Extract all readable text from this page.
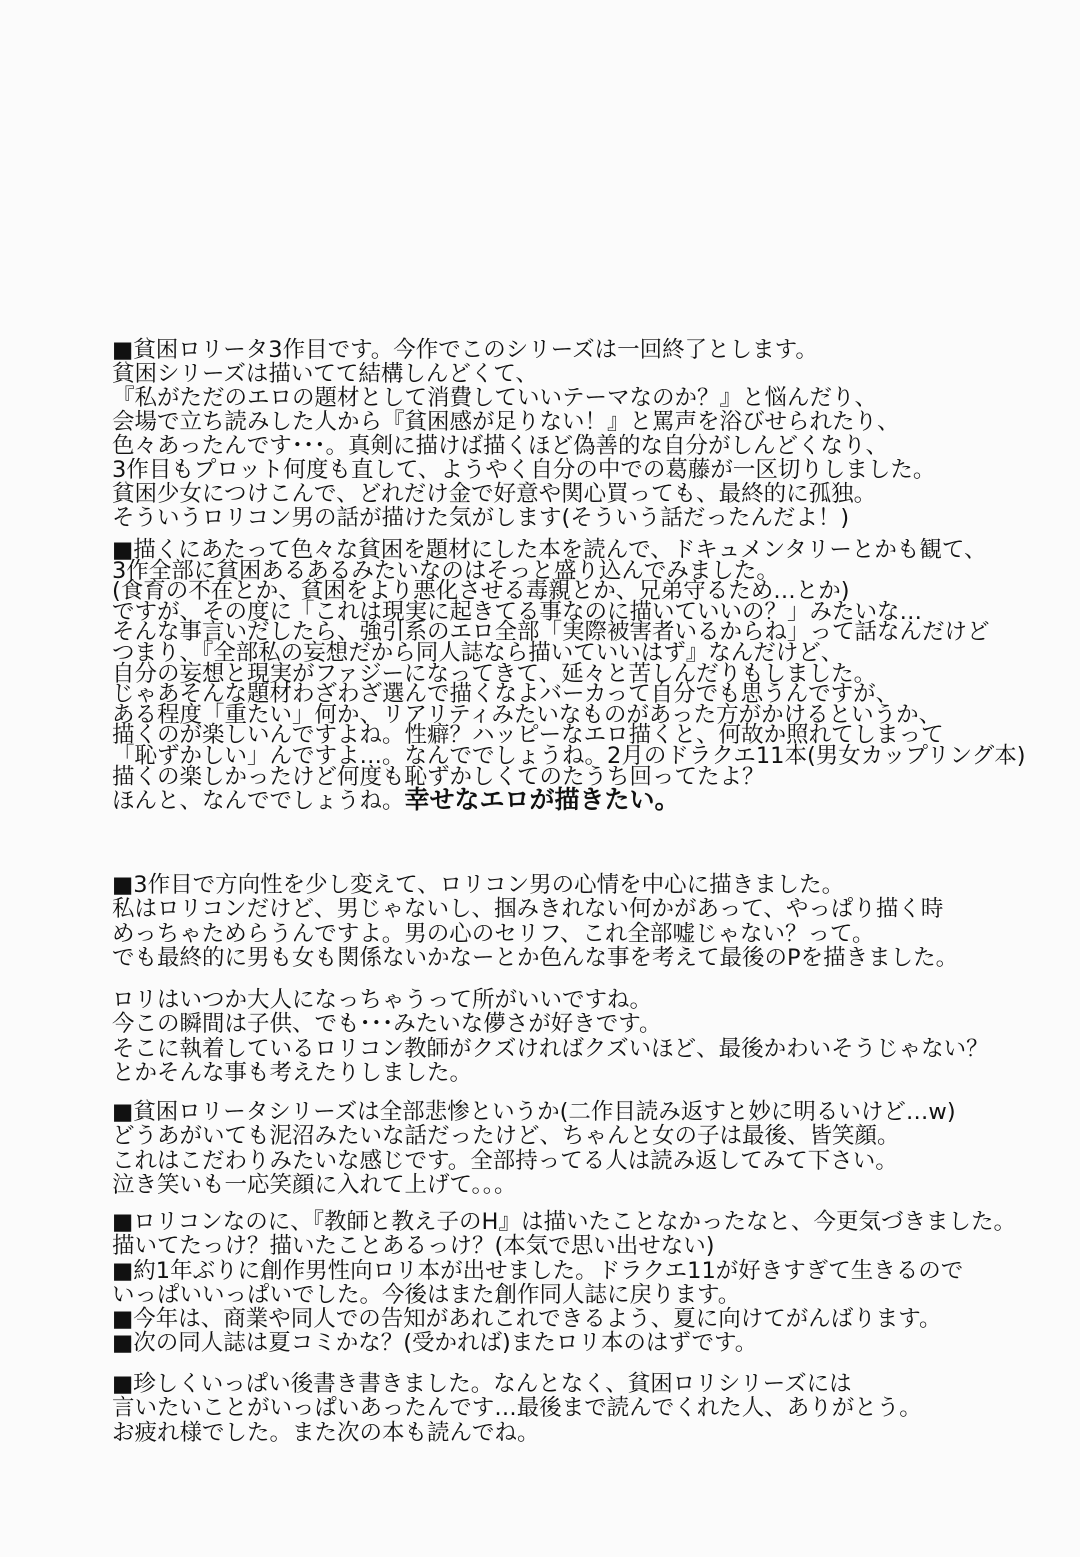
■貧困ロリータ3作目です。今作でこのシリーズは一回終了とします。
貧困シリーズは描いてて結構しんどくて、
『私がただのエロの題材として消費していいテーマなのか？』と悩んだり、
会場で立ち読みした人から『貧困感が足りない！』と罵声を浴びせられたり、
色々あったんです･･･。真剣に描けば描くほど偽善的な自分がしんどくなり、
3作目もプロット何度も直して、ようやく自分の中での葛藤が一区切りしました。
貧困少女につけこんで、どれだけ金で好意や関心買っても、最終的に孤独。
そういうロリコン男の話が描けた気がします(そういう話だったんだよ！)
■描くにあたって色々な貧困を題材にした本を読んで、ドキュメンタリーとかも観て、
3作全部に貧困あるあるみたいなのはそっと盛り込んでみました。
(食育の不在とか、貧困をより悪化させる毒親とか、兄弟守るため…とか)
ですが、その度に「これは現実に起きてる事なのに描いていいの？」みたいな…
そんな事言いだしたら、強引系のエロ全部「実際被害者いるからね」って話なんだけど
つまり、『全部私の妄想だから同人誌なら描いていいはず』なんだけど、
自分の妄想と現実がファジーになってきて、延々と苦しんだりもしました。
じゃあそんな題材わざわざ選んで描くなよバーカって自分でも思うんですが、
ある程度「重たい」何か、リアリティみたいなものがあった方がかけるというか、
描くのが楽しいんですよね。性癖？ハッピーなエロ描くと、何故か照れてしまって
「恥ずかしい」んですよ…。なんででしょうね。2月のドラクエ11本(男女カップリング本)
描くの楽しかったけど何度も恥ずかしくてのたうち回ってたよ？
ほんと、なんででしょうね。幸せなエロが描きたい。
■3作目で方向性を少し変えて、ロリコン男の心情を中心に描きました。
私はロリコンだけど、男じゃないし、掴みきれない何かがあって、やっぱり描く時
めっちゃためらうんですよ。男の心のセリフ、これ全部嘘じゃない？って。
でも最終的に男も女も関係ないかなーとか色んな事を考えて最後のPを描きました。
ロリはいつか大人になっちゃうって所がいいですね。
今この瞬間は子供、でも･･･みたいな儚さが好きです。
そこに執着しているロリコン教師がクズければクズいほど、最後かわいそうじゃない？
とかそんな事も考えたりしました。
■貧困ロリータシリーズは全部悲惨というか(二作目読み返すと妙に明るいけど…w)
どうあがいても泥沼みたいな話だったけど、ちゃんと女の子は最後、皆笑顔。
これはこだわりみたいな感じです。全部持ってる人は読み返してみて下さい。
泣き笑いも一応笑顔に入れて上げて。。。
■ロリコンなのに、『教師と教え子のH』は描いたことなかったなと、今更気づきました。
描いてたっけ？描いたことあるっけ？(本気で思い出せない)
■約1年ぶりに創作男性向ロリ本が出せました。ドラクエ11が好きすぎて生きるので
いっぱいいっぱいでした。今後はまた創作同人誌に戻ります。
■今年は、商業や同人での告知があれこれできるよう、夏に向けてがんばります。
■次の同人誌は夏コミかな？(受かれば)またロリ本のはずです。
■珍しくいっぱい後書き書きました。なんとなく、貧困ロリシリーズには
言いたいことがいっぱいあったんです…最後まで読んでくれた人、ありがとう。
お疲れ様でした。また次の本も読んでね。
